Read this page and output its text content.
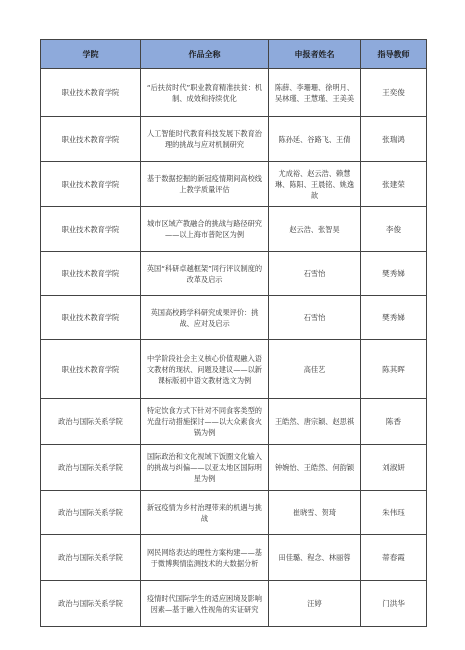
学院	作品全称	申报者姓名	指导教师
职业技术教育学院	“后扶贫时代”职业教育精准扶贫：机制、成效和持续优化	陈薛、李珊珊、徐明月、吴林瑾、王慧瑾、王美美	王奕俊
职业技术教育学院	人工智能时代教育科技发展下教育治理的挑战与应对机制研究	陈孙延、谷路飞、王倩	张瑞鸿
职业技术教育学院	基于数据挖掘的新冠疫情期间高校线上教学质量评估	尤成裕、赵云浩、赖慧琳、陈阳、王晨铭、姚逸歆	张建荣
职业技术教育学院	城市区域产教融合的挑战与路径研究——以上海市普陀区为例	赵云浩、张智昊	李俊
职业技术教育学院	英国“科研卓越框架”同行评议制度的改革及启示	石雪怡	樊秀娣
职业技术教育学院	英国高校跨学科研究成果评价：挑战、应对及启示	石雪怡	樊秀娣
职业技术教育学院	中学阶段社会主义核心价值观融入语文教材的现状、问题及建议——以新课标版初中语文教材选文为例	高佳艺	陈其晖
政治与国际关系学院	特定饮食方式下针对不同食客类型的光盘行动措施探讨——以大众素食火锅为例	王皓然、唐宗颖、赵思祺	陈香
政治与国际关系学院	国际政治和文化视域下饭圈文化输入的挑战与纠偏——以亚太地区国际明星为例	钟婉怡、王皓然、何韵颖	刘淑妍
政治与国际关系学院	新冠疫情为乡村治理带来的机遇与挑战	崔晓雪、贺琦	朱伟珏
政治与国际关系学院	网民网络表达的理性方案构建——基于微博舆情监测技术的大数据分析	田佳璐、程念、林丽蓉	蒂春霞
政治与国际关系学院	疫情时代国际学生的适应困境及影响因素—基于融入性视角的实证研究	汪婷	门洪华
